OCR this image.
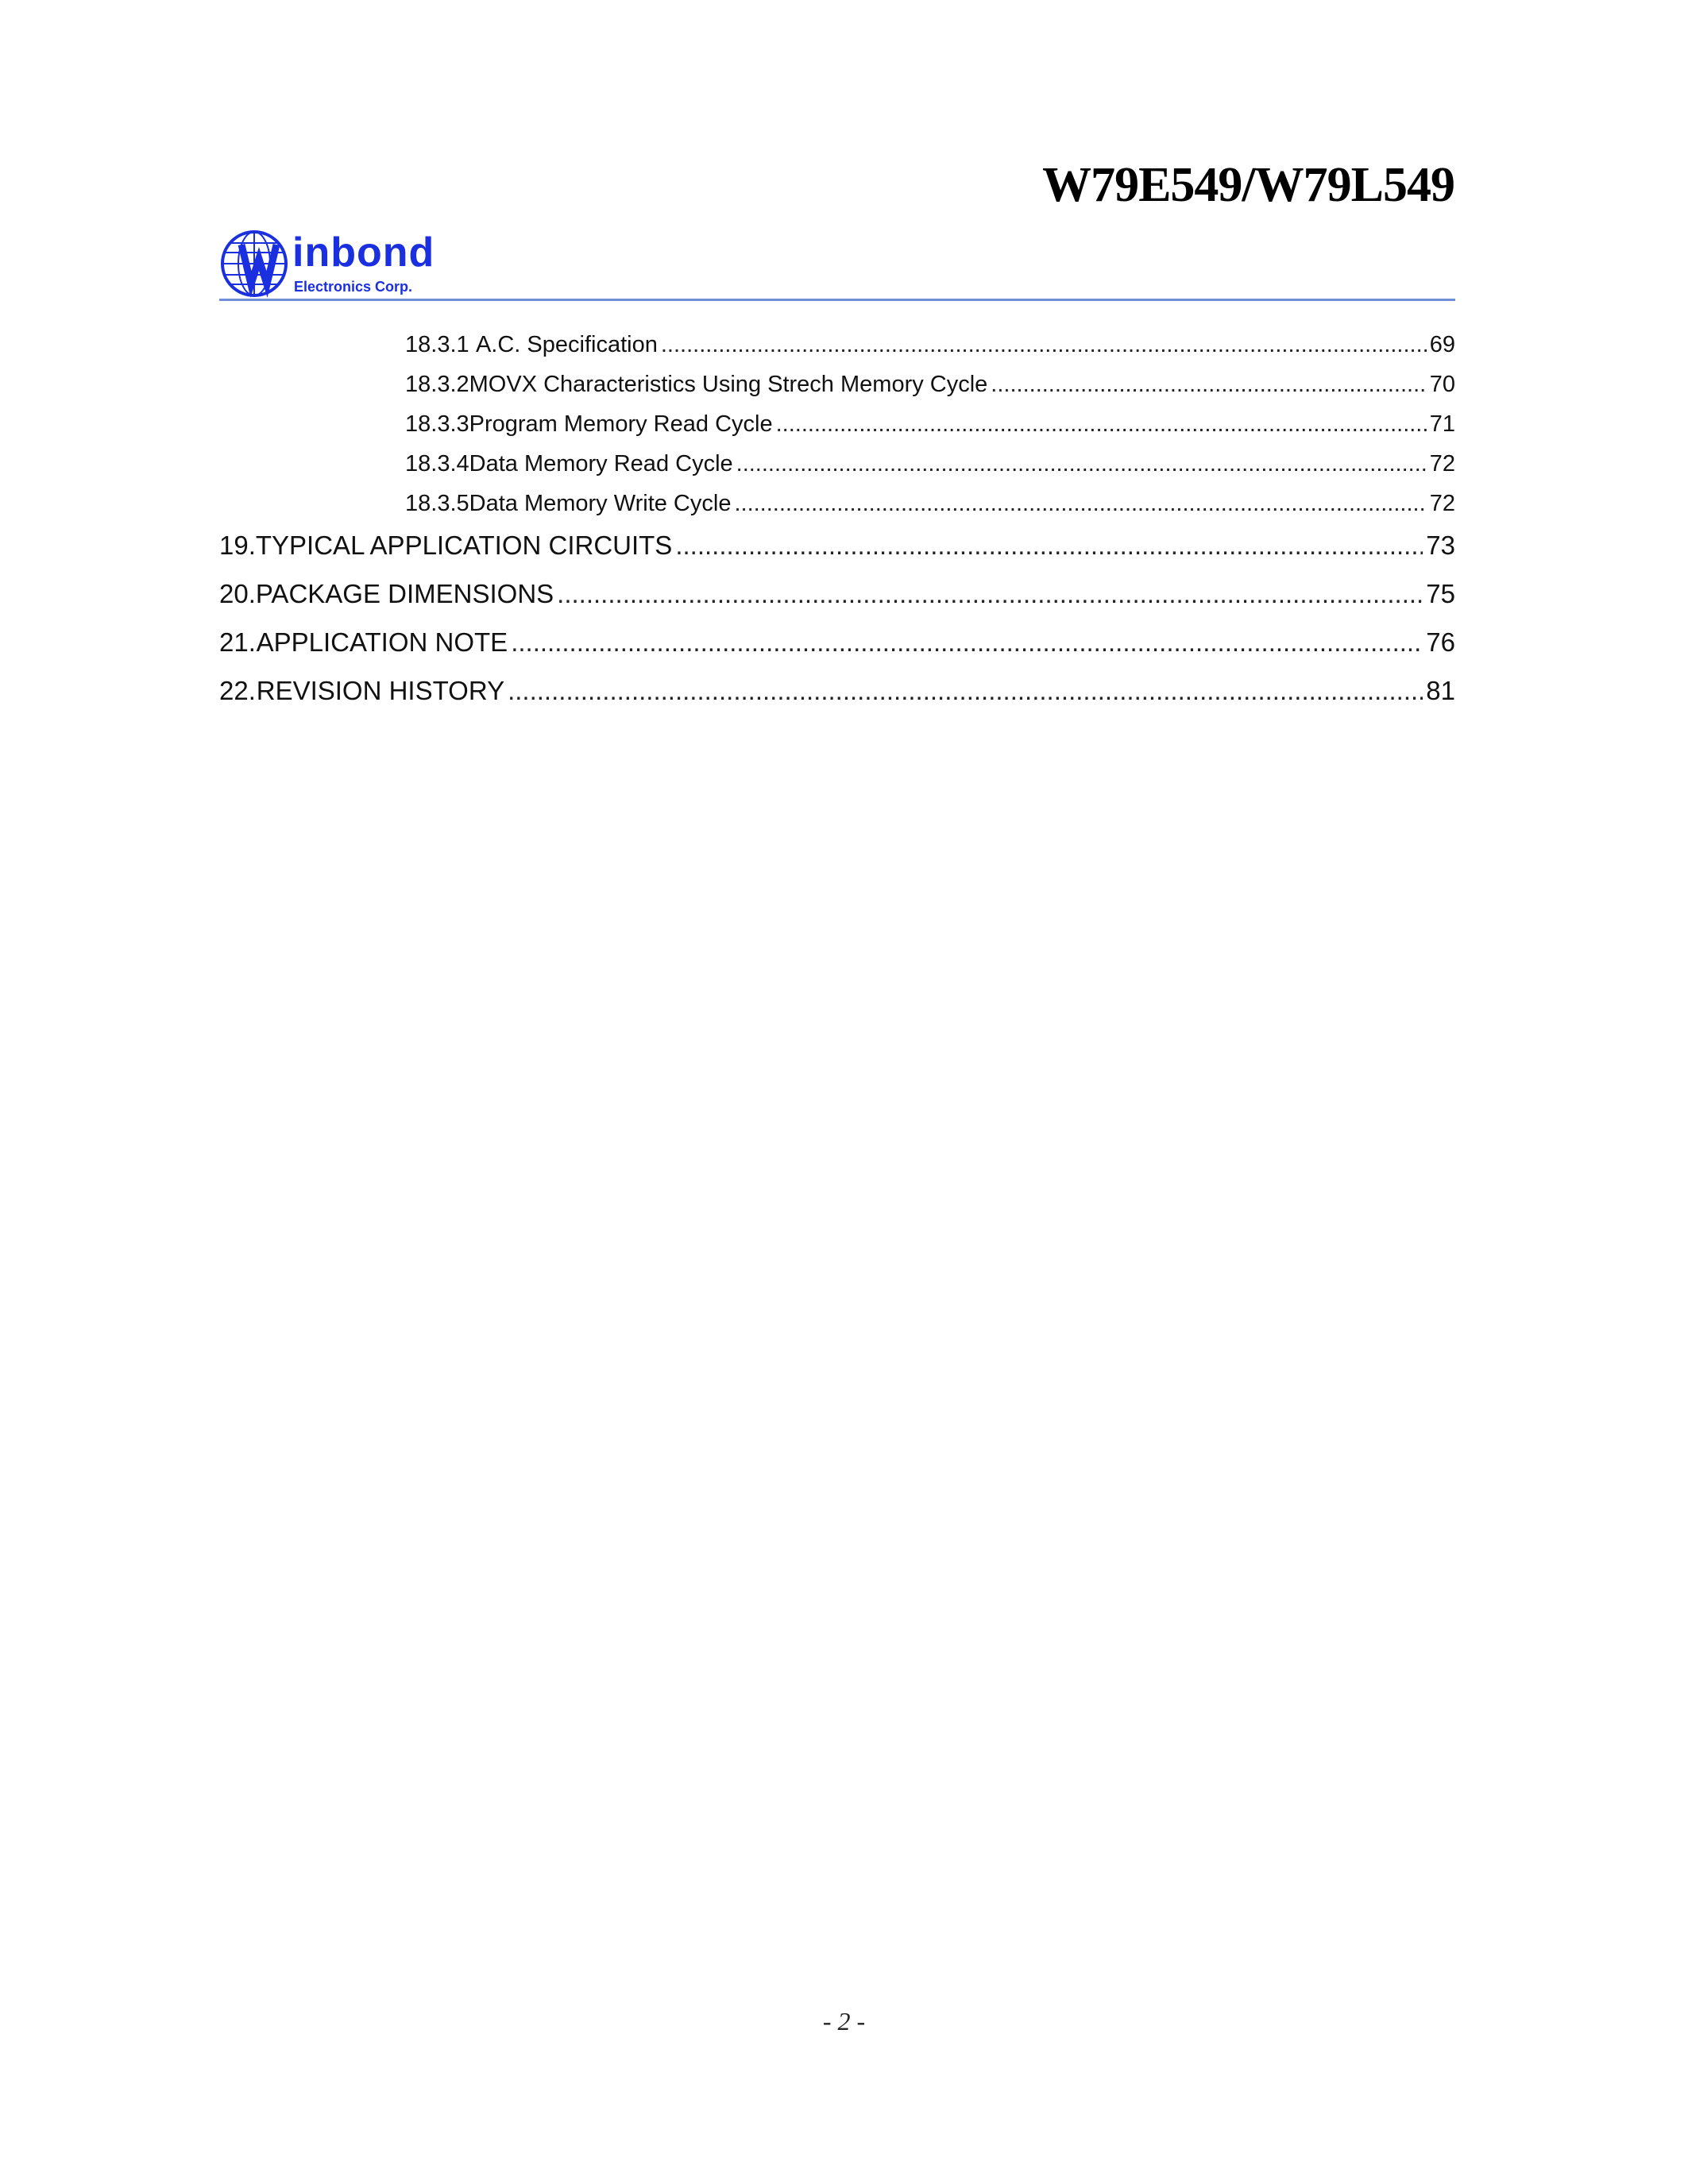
W79E549/W79L549
inbond
Electronics Corp.
18.3.1 A.C. Specification .....	69
18.3.2 MOVX Characteristics Using Strech Memory Cycle .....	70
18.3.3 Program Memory Read Cycle .....	71
18.3.4 Data Memory Read Cycle .....	72
18.3.5 Data Memory Write Cycle .....	72
19. TYPICAL APPLICATION CIRCUITS .....	73
20. PACKAGE DIMENSIONS .....	75
21. APPLICATION NOTE .....	76
22. REVISION HISTORY .....	81
- 2 -
